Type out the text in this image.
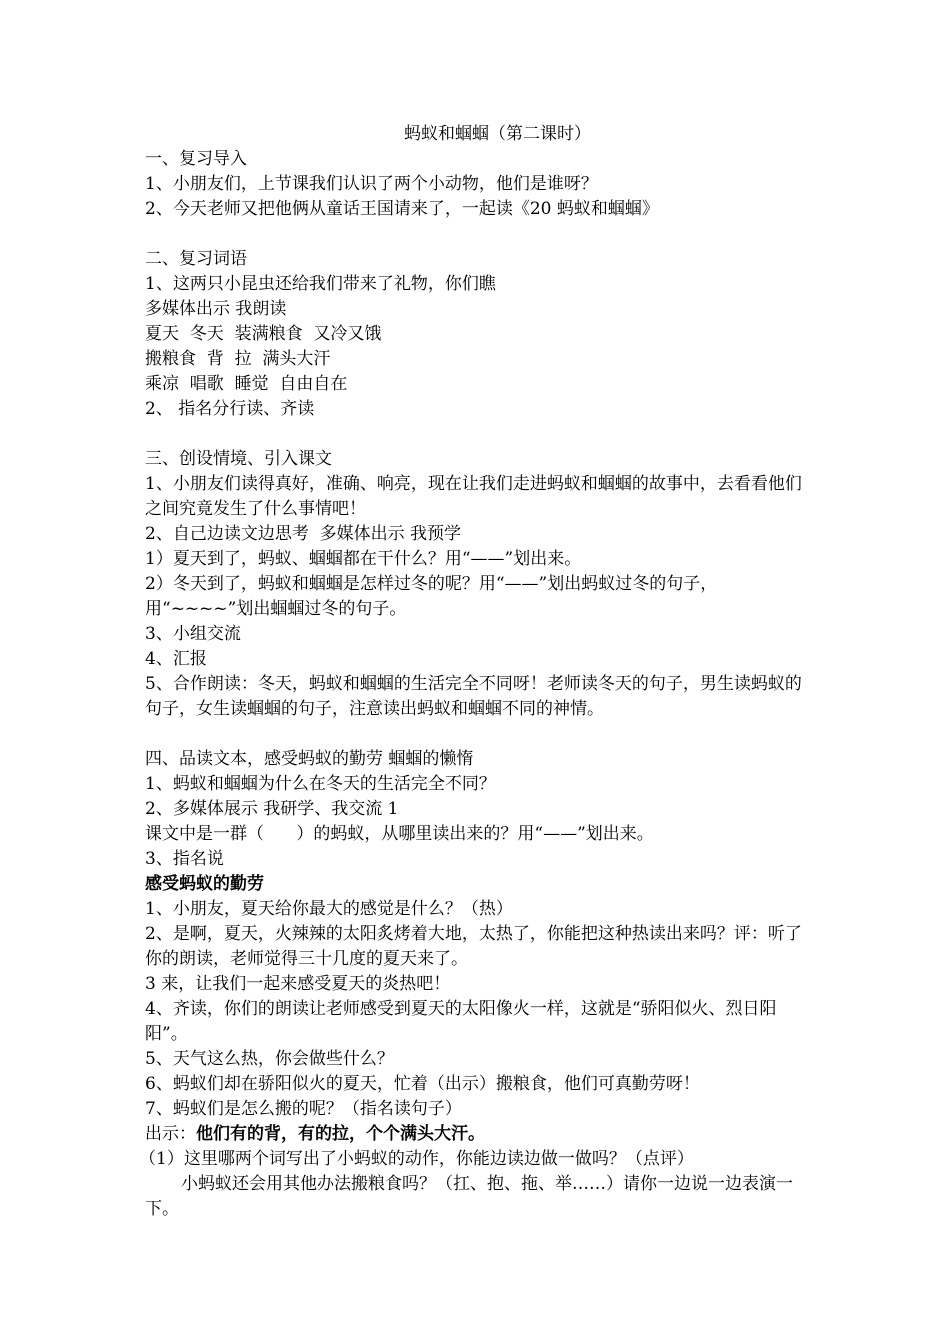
蚂蚁和蝈蝈（第二课时）

一、复习导入

1、小朋友们，上节课我们认识了两个小动物，他们是谁呀？

2、今天老师又把他俩从童话王国请来了，一起读《20 蚂蚁和蝈蝈》

二、复习词语

1、这两只小昆虫还给我们带来了礼物，你们瞧

多媒体出示 我朗读

夏天  冬天  装满粮食  又冷又饿

搬粮食  背  拉  满头大汗

乘凉  唱歌  睡觉  自由自在

2、 指名分行读、齐读

三、创设情境、引入课文

1、小朋友们读得真好，准确、响亮，现在让我们走进蚂蚁和蝈蝈的故事中，去看看他们之间究竟发生了什么事情吧！

2、自己边读文边思考  多媒体出示 我预学

1）夏天到了，蚂蚁、蝈蝈都在干什么？用“——”划出来。

2）冬天到了，蚂蚁和蝈蝈是怎样过冬的呢？用“——”划出蚂蚁过冬的句子，用“~~~~”划出蝈蝈过冬的句子。

3、小组交流

4、汇报

5、合作朗读：冬天，蚂蚁和蝈蝈的生活完全不同呀！老师读冬天的句子，男生读蚂蚁的句子，女生读蝈蝈的句子，注意读出蚂蚁和蝈蝈不同的神情。

四、品读文本，感受蚂蚁的勤劳 蝈蝈的懒惰

1、蚂蚁和蝈蝈为什么在冬天的生活完全不同？

2、多媒体展示 我研学、我交流 1

课文中是一群（      ）的蚂蚁，从哪里读出来的？用“——”划出来。

3、指名说

感受蚂蚁的勤劳

1、小朋友，夏天给你最大的感觉是什么？（热）

2、是啊，夏天，火辣辣的太阳炙烤着大地，太热了，你能把这种热读出来吗？评：听了你的朗读，老师觉得三十几度的夏天来了。

3 来，让我们一起来感受夏天的炎热吧！

4、齐读，你们的朗读让老师感受到夏天的太阳像火一样，这就是“骄阳似火、烈日阳阳”。

5、天气这么热，你会做些什么？

6、蚂蚁们却在骄阳似火的夏天，忙着（出示）搬粮食，他们可真勤劳呀！

7、蚂蚁们是怎么搬的呢？（指名读句子）

出示：他们有的背，有的拉，个个满头大汗。

（1）这里哪两个词写出了小蚂蚁的动作，你能边读边做一做吗？（点评）

小蚂蚁还会用其他办法搬粮食吗？（扛、抱、拖、举……）请你一边说一边表演一下。
